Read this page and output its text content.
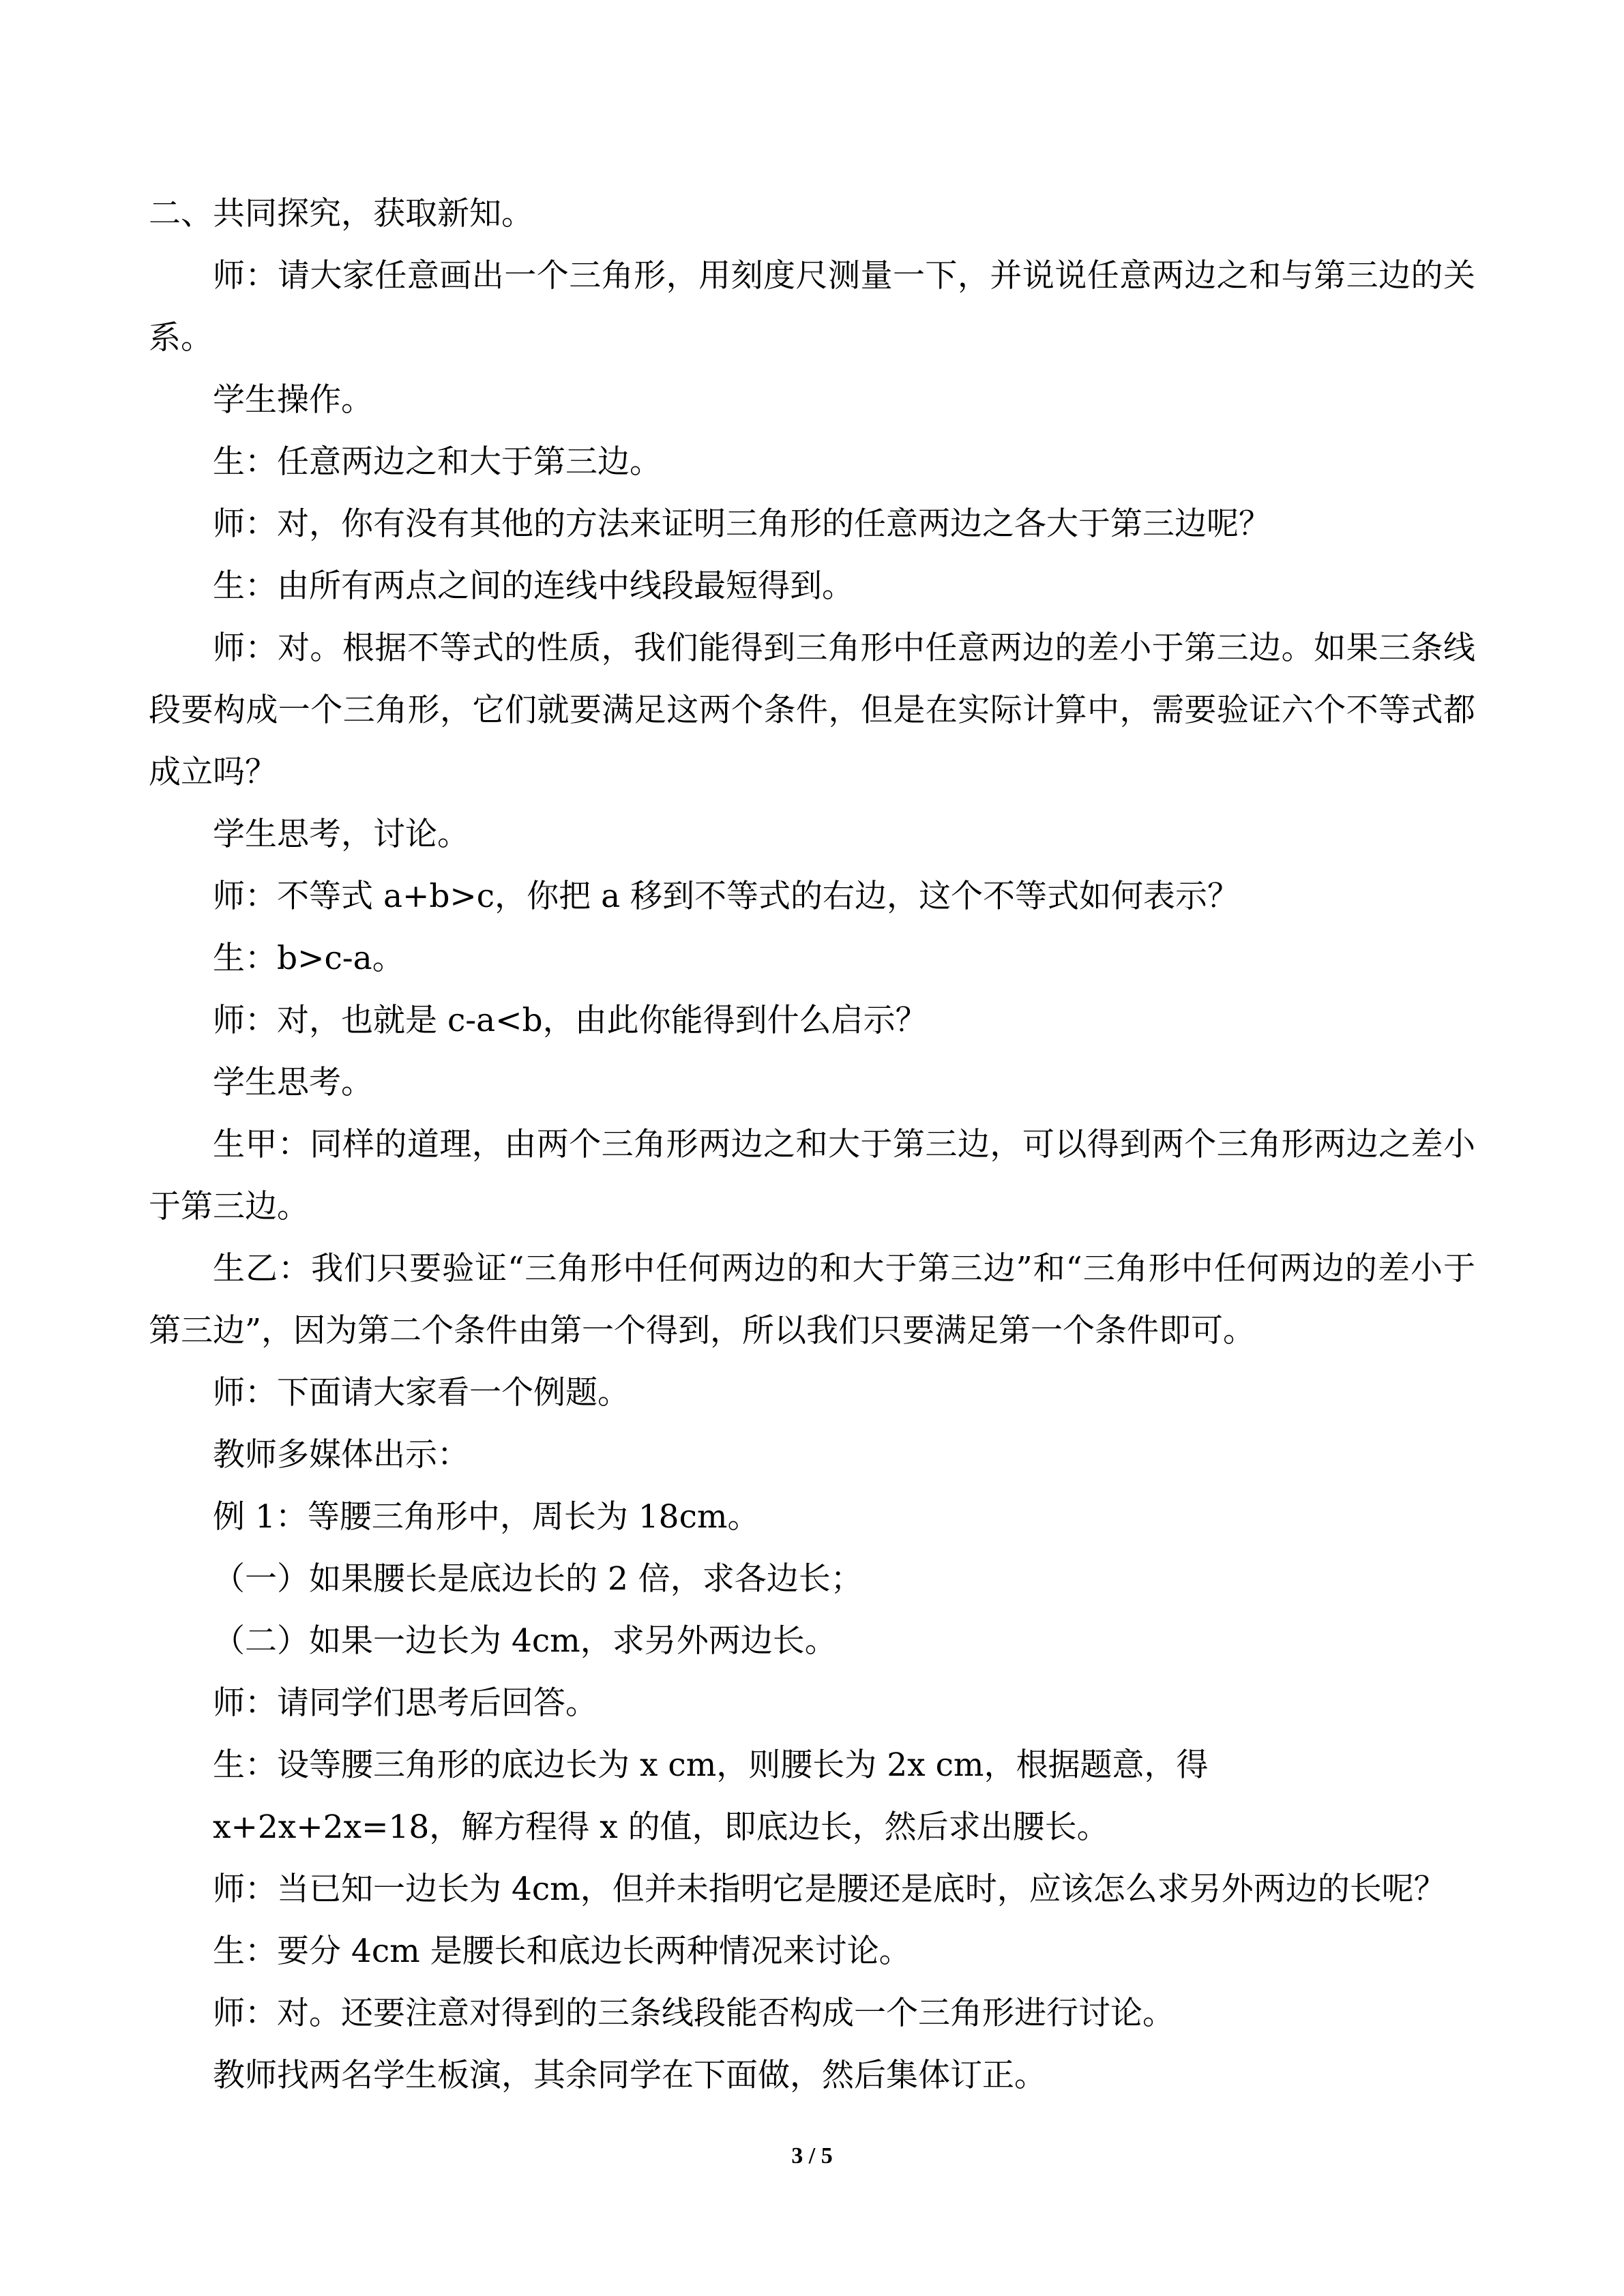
二、共同探究，获取新知。

师：请大家任意画出一个三角形，用刻度尺测量一下，并说说任意两边之和与第三边的关系。

学生操作。

生：任意两边之和大于第三边。

师：对，你有没有其他的方法来证明三角形的任意两边之各大于第三边呢？

生：由所有两点之间的连线中线段最短得到。

师：对。根据不等式的性质，我们能得到三角形中任意两边的差小于第三边。如果三条线段要构成一个三角形，它们就要满足这两个条件，但是在实际计算中，需要验证六个不等式都成立吗？

学生思考，讨论。

师：不等式 a+b>c，你把 a 移到不等式的右边，这个不等式如何表示？

生：b>c-a。

师：对，也就是 c-a<b，由此你能得到什么启示？

学生思考。

生甲：同样的道理，由两个三角形两边之和大于第三边，可以得到两个三角形两边之差小于第三边。

生乙：我们只要验证“三角形中任何两边的和大于第三边”和“三角形中任何两边的差小于第三边”，因为第二个条件由第一个得到，所以我们只要满足第一个条件即可。

师：下面请大家看一个例题。

教师多媒体出示：

例 1：等腰三角形中，周长为 18cm。

（一）如果腰长是底边长的 2 倍，求各边长；

（二）如果一边长为 4cm，求另外两边长。

师：请同学们思考后回答。

生：设等腰三角形的底边长为 x cm，则腰长为 2x cm，根据题意，得

x+2x+2x=18，解方程得 x 的值，即底边长，然后求出腰长。

师：当已知一边长为 4cm，但并未指明它是腰还是底时，应该怎么求另外两边的长呢？

生：要分 4cm 是腰长和底边长两种情况来讨论。

师：对。还要注意对得到的三条线段能否构成一个三角形进行讨论。

教师找两名学生板演，其余同学在下面做，然后集体订正。

3 / 5
